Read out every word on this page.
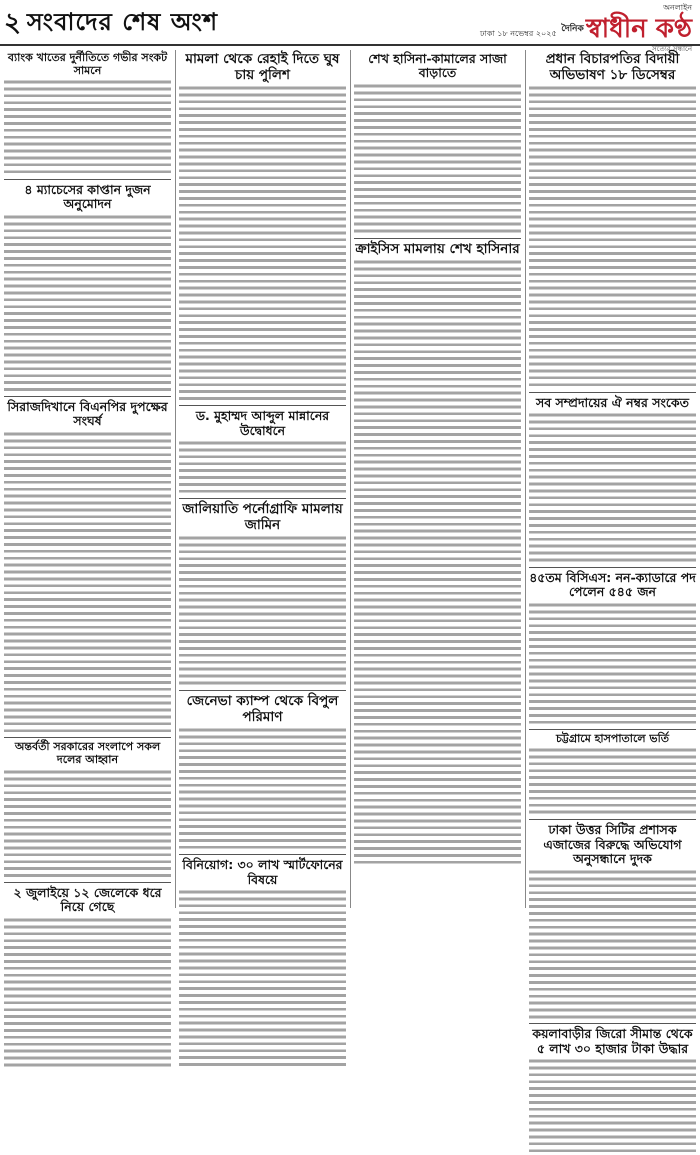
২ সংবাদের শেষ অংশ	ঢাকা ১৮ নভেম্বর ২০২৫
অনলাইন
$^{দৈনিক}$স্বাধীন কণ্ঠ
সত্যের সন্ধানে
ব্যাংক খাতের দুর্নীতিতে গভীর সংকট সামনে
৪ ম্যাচেসের কাপ্তান দুজন অনুমোদন
সিরাজদিখানে বিএনপির দুপক্ষের সংঘর্ষ
অন্তর্বর্তী সরকারের সংলাপে সকল দলের আহ্বান
২ জুলাইয়ে ১২ জেলেকে ধরে নিয়ে গেছে
মামলা থেকে রেহাই দিতে ঘুষ চায় পুলিশ
ড. মুহাম্মদ আব্দুল মান্নানের উদ্বোধনে
জালিয়াতি পর্নোগ্রাফি মামলায় জামিন
জেনেভা ক্যাম্প থেকে বিপুল পরিমাণ
বিনিয়োগ: ৩০ লাখ স্মার্টফোনের বিষয়ে
শেখ হাসিনা-কামালের সাজা বাড়াতে
ক্রাইসিস মামলায় শেখ হাসিনার
প্রধান বিচারপতির বিদায়ী অভিভাষণ ১৮ ডিসেম্বর
সব সম্প্রদায়ের ঐ নম্বর সংকেত
৪৫তম বিসিএস: নন-ক্যাডারে পদ পেলেন ৫৪৫ জন
চট্টগ্রামে হাসপাতালে ভর্তি
ঢাকা উত্তর সিটির প্রশাসক এজাজের বিরুদ্ধে অভিযোগ অনুসন্ধানে দুদক
কয়লাবাড়ীর জিরো সীমান্ত থেকে ৫ লাখ ৩০ হাজার টাকা উদ্ধার
